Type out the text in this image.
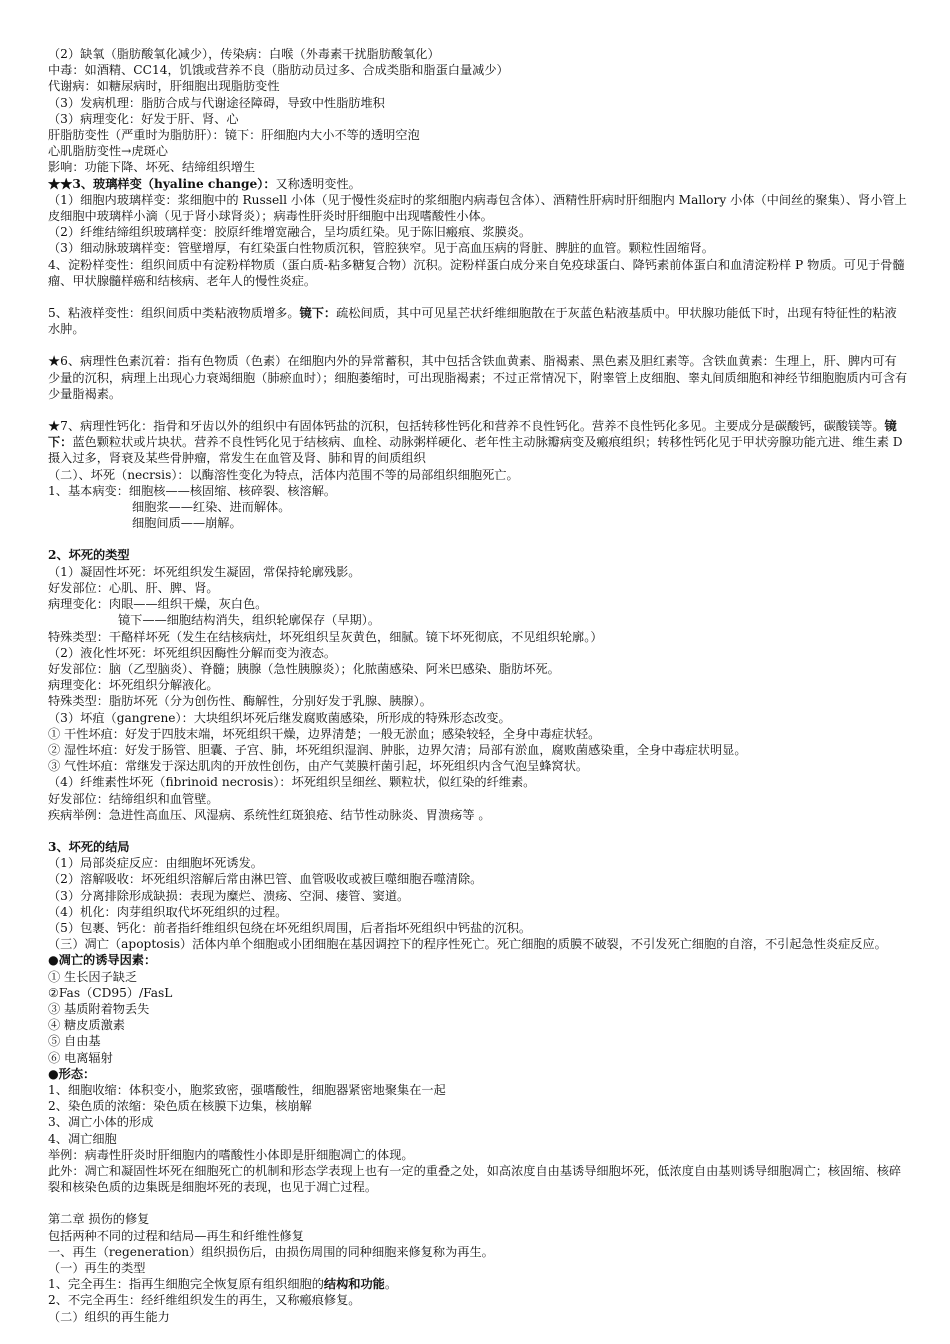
（2）缺氧（脂肪酸氧化减少），传染病：白喉（外毒素干扰脂肪酸氧化）
中毒：如酒精、CC14，饥饿或营养不良（脂肪动员过多、合成类脂和脂蛋白量减少）
代谢病：如糖尿病时，肝细胞出现脂肪变性
（3）发病机理：脂肪合成与代谢途径障碍，导致中性脂肪堆积
（3）病理变化：好发于肝、肾、心
肝脂肪变性（严重时为脂肪肝）：镜下：肝细胞内大小不等的透明空泡
心肌脂肪变性→虎斑心
影响：功能下降、坏死、结缔组织增生
★★3、玻璃样变（hyaline change）：又称透明变性。
（1）细胞内玻璃样变：浆细胞中的 Russell 小体（见于慢性炎症时的浆细胞内病毒包含体）、酒精性肝病时肝细胞内 Mallory 小体（中间丝的聚集）、肾小管上皮细胞中玻璃样小滴（见于肾小球肾炎）；病毒性肝炎时肝细胞中出现嗜酸性小体。
（2）纤维结缔组织玻璃样变：胶原纤维增宽融合，呈均质红染。见于陈旧瘢痕、浆膜炎。
（3）细动脉玻璃样变：管壁增厚，有红染蛋白性物质沉积，管腔狭窄。见于高血压病的肾脏、脾脏的血管。颗粒性固缩肾。
4、淀粉样变性：组织间质中有淀粉样物质（蛋白质-粘多糖复合物）沉积。淀粉样蛋白成分来自免疫球蛋白、降钙素前体蛋白和血清淀粉样 P 物质。可见于骨髓瘤、甲状腺髓样癌和结核病、老年人的慢性炎症。
5、粘液样变性：组织间质中类粘液物质增多。镜下：疏松间质，其中可见星芒状纤维细胞散在于灰蓝色粘液基质中。甲状腺功能低下时，出现有特征性的粘液水肿。
★6、病理性色素沉着：指有色物质（色素）在细胞内外的异常蓄积，其中包括含铁血黄素、脂褐素、黑色素及胆红素等。含铁血黄素：生理上，肝、脾内可有少量的沉积，病理上出现心力衰竭细胞（肺瘀血时）；细胞萎缩时，可出现脂褐素；不过正常情况下，附睾管上皮细胞、睾丸间质细胞和神经节细胞胞质内可含有少量脂褐素。
★7、病理性钙化：指骨和牙齿以外的组织中有固体钙盐的沉积，包括转移性钙化和营养不良性钙化。营养不良性钙化多见。主要成分是碳酸钙，碳酸镁等。镜下：蓝色颗粒状或片块状。营养不良性钙化见于结核病、血栓、动脉粥样硬化、老年性主动脉瓣病变及瘢痕组织；转移性钙化见于甲状旁腺功能亢进、维生素 D 摄入过多，肾衰及某些骨肿瘤，常发生在血管及肾、肺和胃的间质组织
（二）、坏死（necrsis）：以酶溶性变化为特点，活体内范围不等的局部组织细胞死亡。
1、基本病变：细胞核——核固缩、核碎裂、核溶解。
细胞浆——红染、进而解体。
细胞间质——崩解。
2、坏死的类型
（1）凝固性坏死：坏死组织发生凝固，常保持轮廓残影。
好发部位：心肌、肝、脾、肾。
病理变化：肉眼——组织干燥，灰白色。
镜下——细胞结构消失，组织轮廓保存（早期）。
特殊类型：干酪样坏死（发生在结核病灶，坏死组织呈灰黄色，细腻。镜下坏死彻底，不见组织轮廓。）
（2）液化性坏死：坏死组织因酶性分解而变为液态。
好发部位：脑（乙型脑炎）、脊髓；胰腺（急性胰腺炎）；化脓菌感染、阿米巴感染、脂肪坏死。
病理变化：坏死组织分解液化。
特殊类型：脂肪坏死（分为创伤性、酶解性，分别好发于乳腺、胰腺）。
（3）坏疽（gangrene）：大块组织坏死后继发腐败菌感染，所形成的特殊形态改变。
① 干性坏疽：好发于四肢末端，坏死组织干燥，边界清楚；一般无淤血；感染较轻，全身中毒症状轻。
② 湿性坏疽：好发于肠管、胆囊、子宫、肺，坏死组织湿润、肿胀，边界欠清；局部有淤血，腐败菌感染重，全身中毒症状明显。
③ 气性坏疽：常继发于深达肌肉的开放性创伤，由产气荚膜杆菌引起，坏死组织内含气泡呈蜂窝状。
（4）纤维素性坏死（fibrinoid necrosis）：坏死组织呈细丝、颗粒状，似红染的纤维素。
好发部位：结缔组织和血管壁。
疾病举例：急进性高血压、风湿病、系统性红斑狼疮、结节性动脉炎、胃溃疡等 。
3、坏死的结局
（1）局部炎症反应：由细胞坏死诱发。
（2）溶解吸收：坏死组织溶解后常由淋巴管、血管吸收或被巨噬细胞吞噬清除。
（3）分离排除形成缺损：表现为糜烂、溃疡、空洞、瘘管、窦道。
（4）机化：肉芽组织取代坏死组织的过程。
（5）包裹、钙化：前者指纤维组织包绕在坏死组织周围，后者指坏死组织中钙盐的沉积。
（三）凋亡（apoptosis）活体内单个细胞或小团细胞在基因调控下的程序性死亡。死亡细胞的质膜不破裂，不引发死亡细胞的自溶，不引起急性炎症反应。
●凋亡的诱导因素：
① 生长因子缺乏
②Fas（CD95）/FasL
③ 基质附着物丢失
④ 糖皮质激素
⑤ 自由基
⑥ 电离辐射
●形态：
1、细胞收缩：体积变小，胞浆致密，强嗜酸性，细胞器紧密地聚集在一起
2、染色质的浓缩：染色质在核膜下边集，核崩解
3、凋亡小体的形成
4、凋亡细胞
举例：病毒性肝炎时肝细胞内的嗜酸性小体即是肝细胞凋亡的体现。
此外：凋亡和凝固性坏死在细胞死亡的机制和形态学表现上也有一定的重叠之处，如高浓度自由基诱导细胞坏死，低浓度自由基则诱导细胞凋亡；核固缩、核碎裂和核染色质的边集既是细胞坏死的表现，也见于凋亡过程。
第二章 损伤的修复
包括两种不同的过程和结局—再生和纤维性修复
一、再生（regeneration）组织损伤后，由损伤周围的同种细胞来修复称为再生。
（一）再生的类型
1、完全再生：指再生细胞完全恢复原有组织细胞的结构和功能。
2、不完全再生：经纤维组织发生的再生，又称瘢痕修复。
（二）组织的再生能力
